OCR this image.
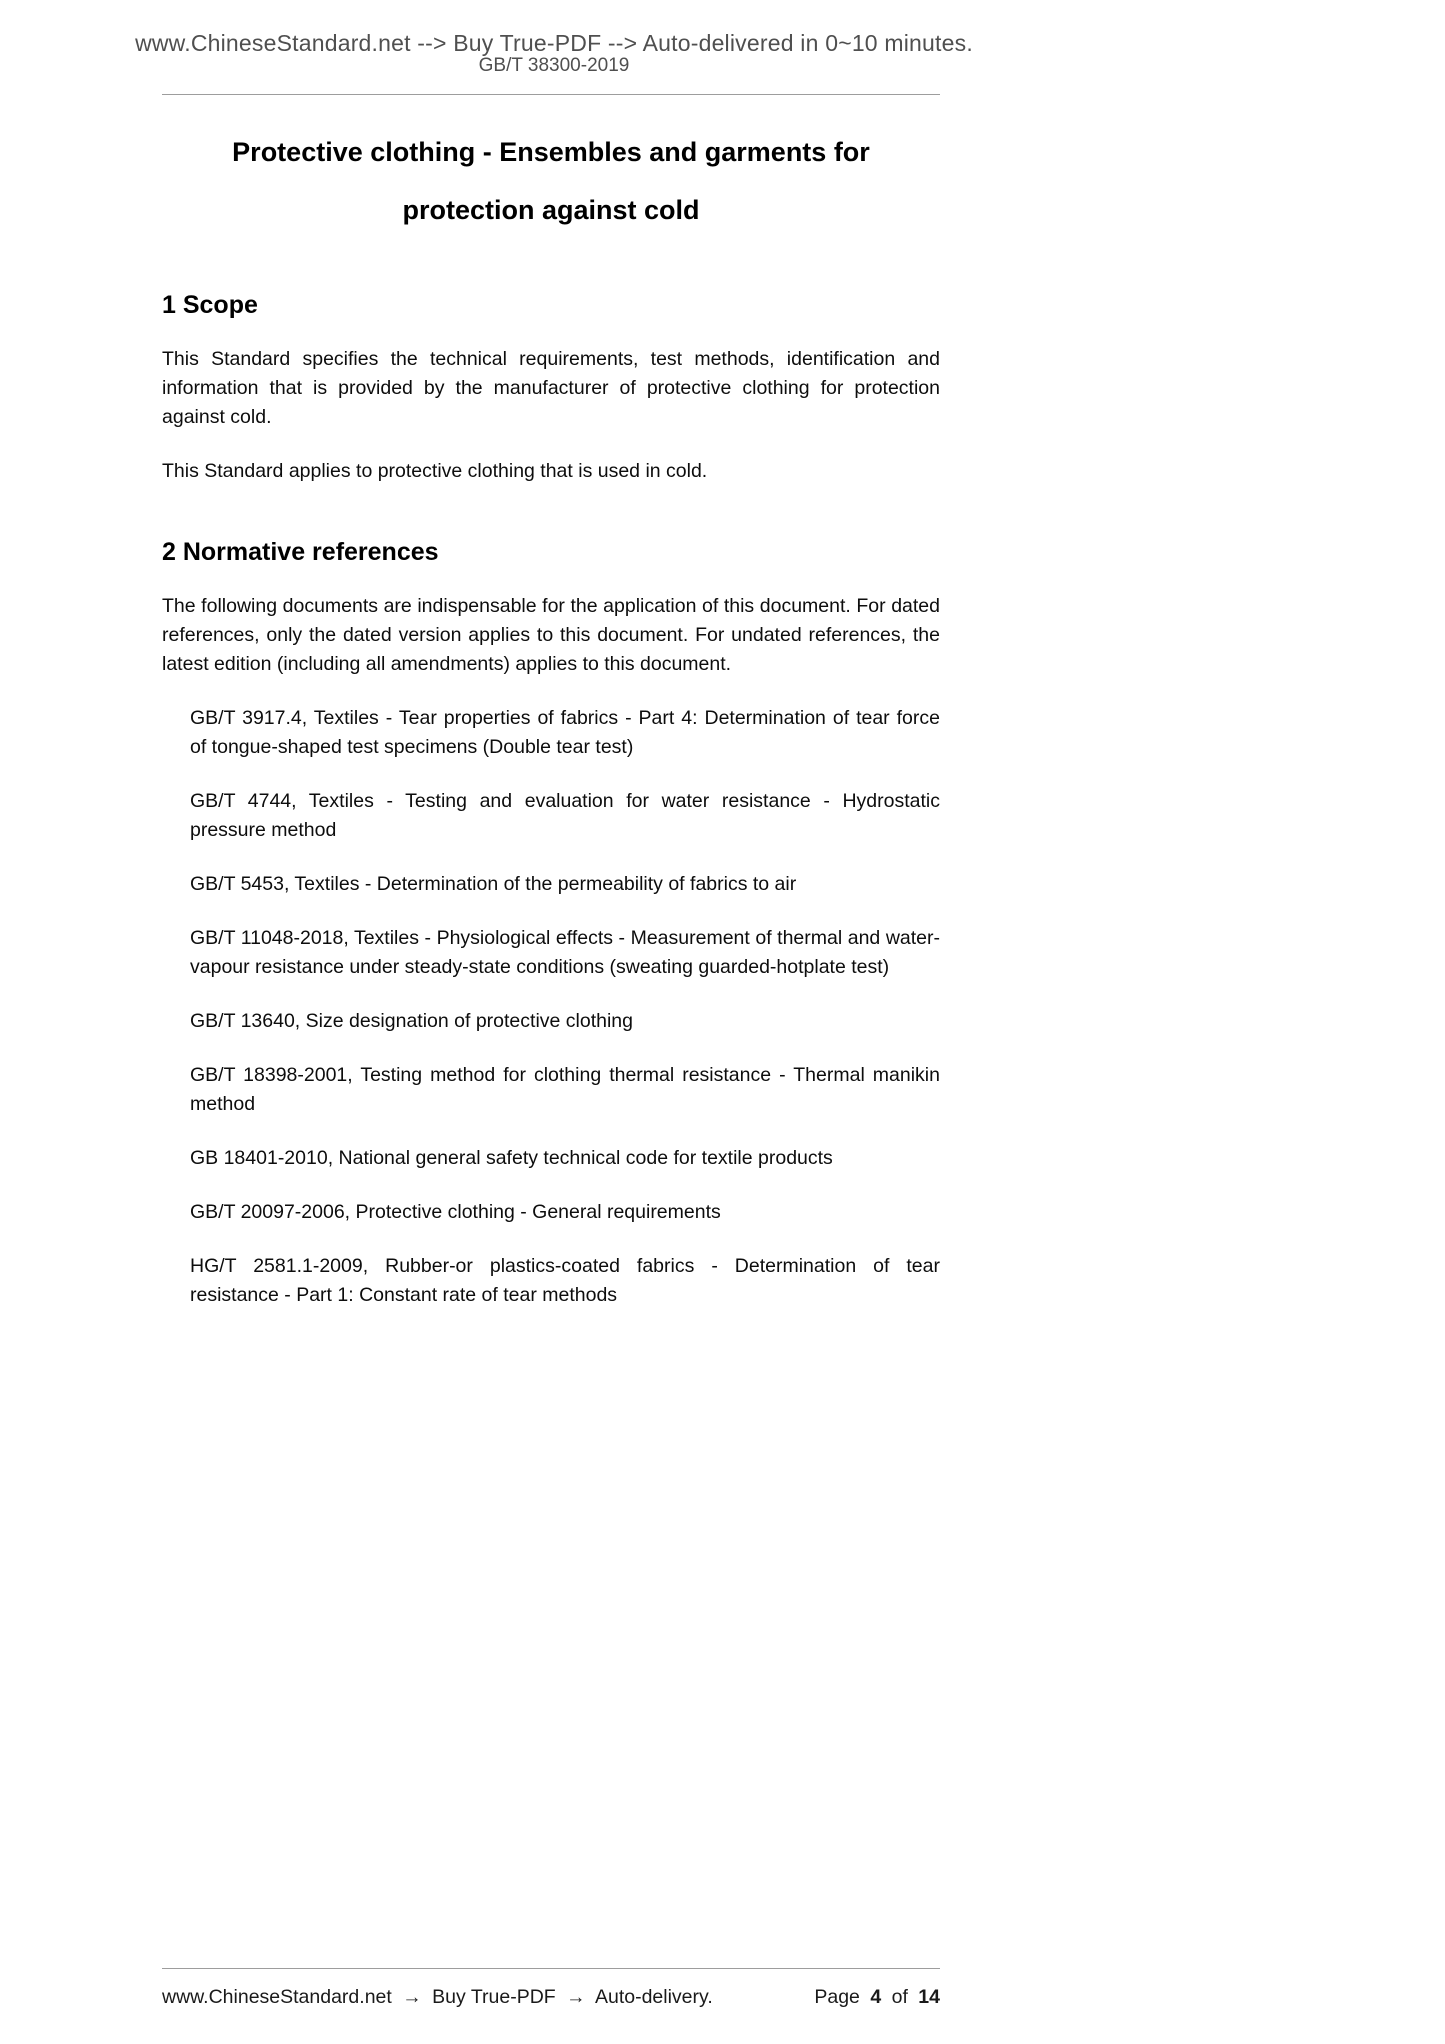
www.ChineseStandard.net --> Buy True-PDF --> Auto-delivered in 0~10 minutes.
GB/T 38300-2019
Protective clothing - Ensembles and garments for
protection against cold
1 Scope

This Standard specifies the technical requirements, test methods, identification and information that is provided by the manufacturer of protective clothing for protection against cold.

This Standard applies to protective clothing that is used in cold.

2 Normative references

The following documents are indispensable for the application of this document. For dated references, only the dated version applies to this document. For undated references, the latest edition (including all amendments) applies to this document.

GB/T 3917.4, Textiles - Tear properties of fabrics - Part 4: Determination of tear force of tongue-shaped test specimens (Double tear test)

GB/T 4744, Textiles - Testing and evaluation for water resistance - Hydrostatic pressure method

GB/T 5453, Textiles - Determination of the permeability of fabrics to air

GB/T 11048-2018, Textiles - Physiological effects - Measurement of thermal and water-vapour resistance under steady-state conditions (sweating guarded-hotplate test)

GB/T 13640, Size designation of protective clothing

GB/T 18398-2001, Testing method for clothing thermal resistance - Thermal manikin method

GB 18401-2010, National general safety technical code for textile products

GB/T 20097-2006, Protective clothing - General requirements

HG/T 2581.1-2009, Rubber-or plastics-coated fabrics - Determination of tear resistance - Part 1: Constant rate of tear methods

www.ChineseStandard.net → Buy True-PDF → Auto-delivery.	Page 4 of 14
